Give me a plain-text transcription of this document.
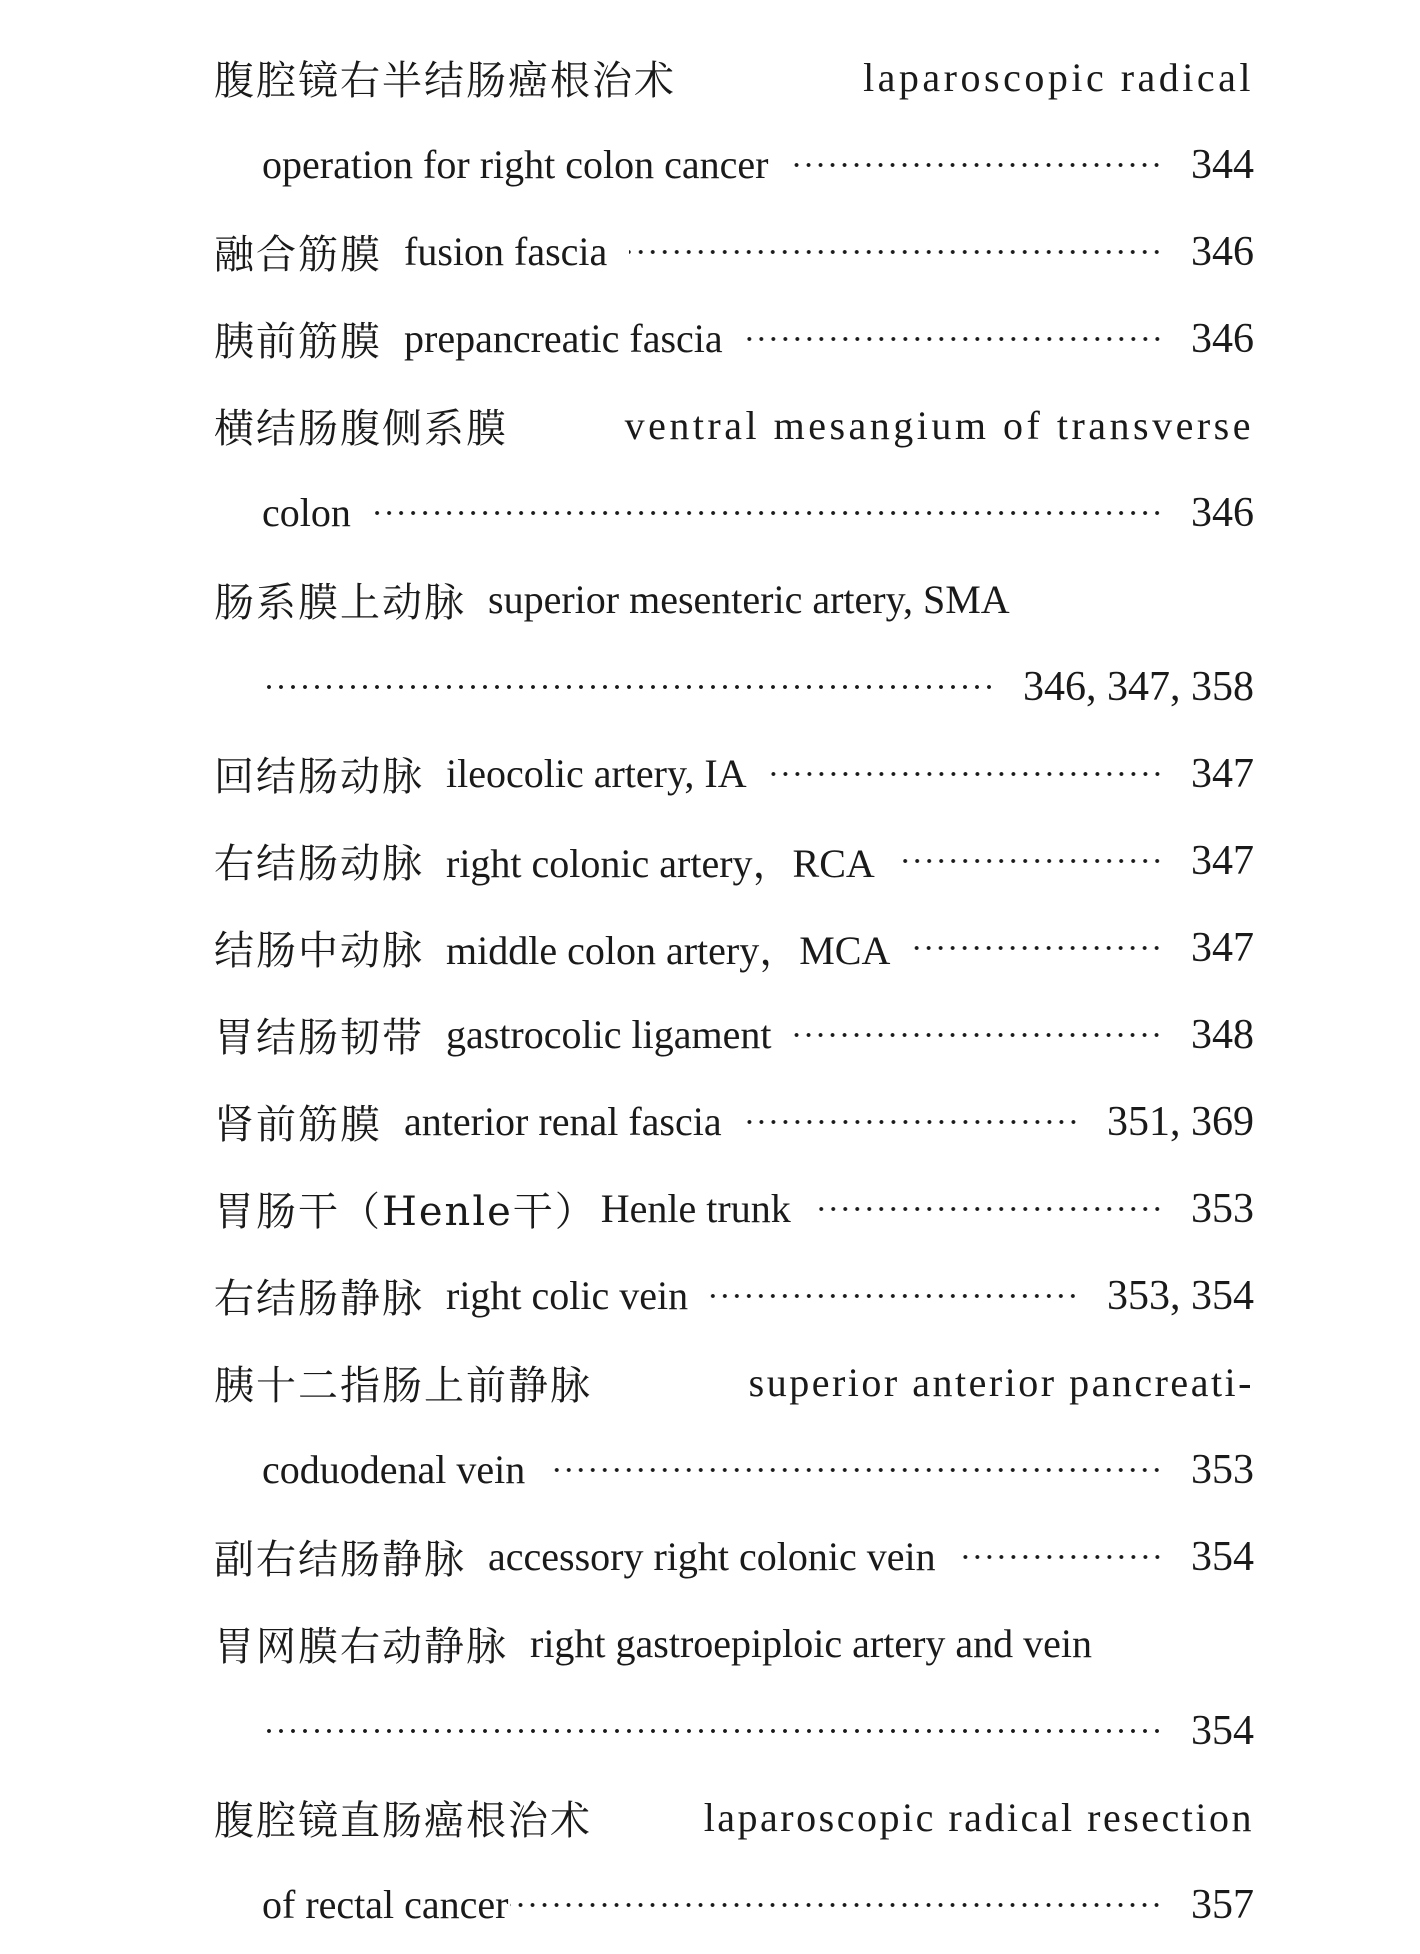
腹腔镜右半结肠癌根治术	laparoscopic radical
operation for right colon cancer	344
融合筋膜 fusion fascia	346
胰前筋膜 prepancreatic fascia	346
横结肠腹侧系膜	ventral mesangium of transverse
colon	346
肠系膜上动脉 superior mesenteric artery, SMA
346, 347, 358
回结肠动脉 ileocolic artery, IA	347
右结肠动脉 right colonic artery，RCA	347
结肠中动脉 middle colon artery，MCA	347
胃结肠韧带 gastrocolic ligament	348
肾前筋膜 anterior renal fascia	351, 369
胃肠干（Henle干） Henle trunk	353
右结肠静脉 right colic vein	353, 354
胰十二指肠上前静脉	superior anterior pancreati-
coduodenal vein	353
副右结肠静脉 accessory right colonic vein	354
胃网膜右动静脉 right gastroepiploic artery and vein
354
腹腔镜直肠癌根治术	laparoscopic radical resection
of rectal cancer	357
